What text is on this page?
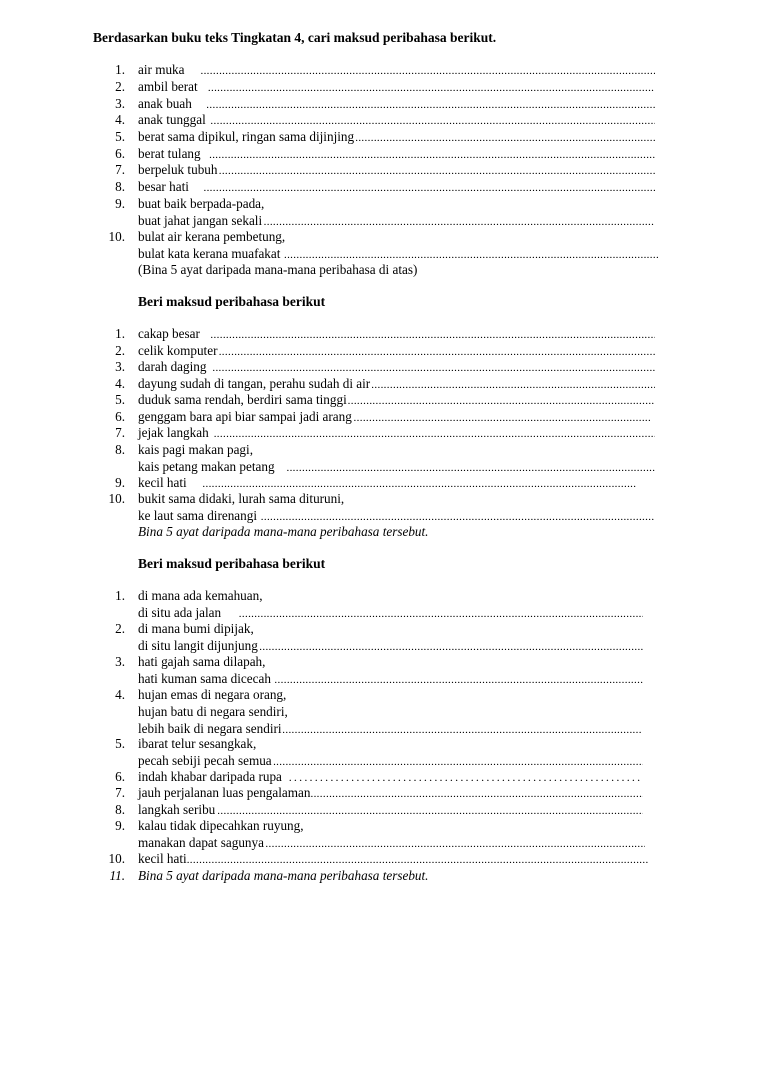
Berdasarkan buku teks Tingkatan 4, cari maksud peribahasa berikut.
1. air muka
.....
2. ambil berat
.....
3. anak buah
.....
4. anak tunggal
.....
5. berat sama dipikul, ringan sama dijinjing
.....
6. berat tulang
.....
7. berpeluk tubuh
.....
8. besar hati
.....
9. buat baik berpada-pada,
buat jahat jangan sekali
.....
10. bulat air kerana pembetung,
bulat kata kerana muafakat
.....
(Bina 5 ayat daripada mana-mana peribahasa di atas)
Beri maksud peribahasa berikut
1. cakap besar
.....
2. celik komputer
.....
3. darah daging
.....
4. dayung sudah di tangan, perahu sudah di air
.....
5. duduk sama rendah, berdiri sama tinggi
.....
6. genggam bara api biar sampai jadi arang
.....
7. jejak langkah
.....
8. kais pagi makan pagi,
kais petang makan petang
.....
9. kecil hati
.....
10. bukit sama didaki, lurah sama dituruni,
ke laut sama direnangi
.....
Bina 5 ayat daripada mana-mana peribahasa tersebut.
Beri maksud peribahasa berikut
1. di mana ada kemahuan,
di situ ada jalan
.....
2. di mana bumi dipijak,
di situ langit dijunjung
.....
3. hati gajah sama dilapah,
hati kuman sama dicecah
.....
4. hujan emas di negara orang,
hujan batu di negara sendiri,
lebih baik di negara sendiri
.....
5. ibarat telur sesangkak,
pecah sebiji pecah semua
.....
6. indah khabar daripada rupa
.....
7. jauh perjalanan luas pengalaman
.....
8. langkah seribu
.....
9. kalau tidak dipecahkan ruyung,
manakan dapat sagunya
.....
10. kecil hati
.....
11. Bina 5 ayat daripada mana-mana peribahasa tersebut.
